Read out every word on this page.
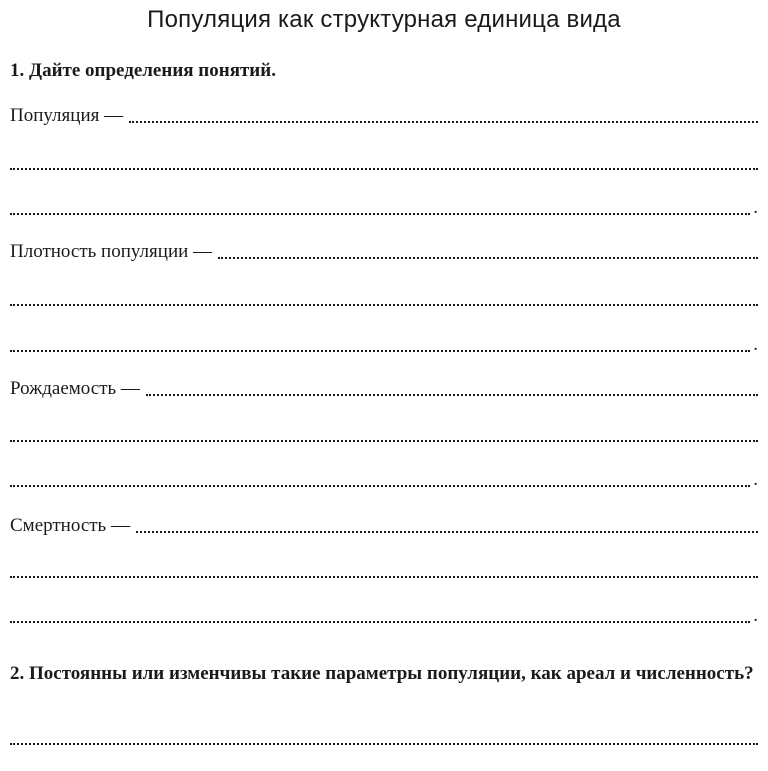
Популяция как структурная единица вида
1. Дайте определения понятий.
Популяция —
.
Плотность популяции —
.
Рождаемость —
.
Смертность —
.
2. Постоянны или изменчивы такие параметры популяции, как ареал и численность?
